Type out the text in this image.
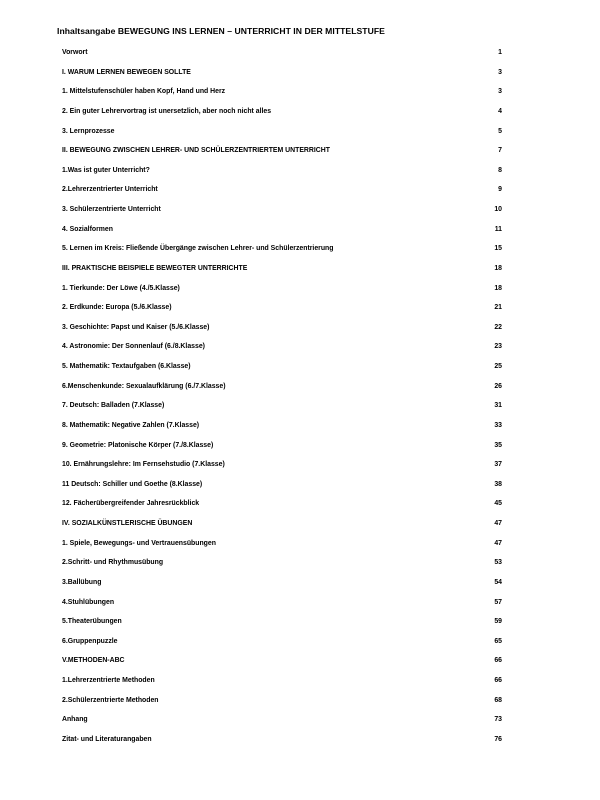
Inhaltsangabe BEWEGUNG INS LERNEN – UNTERRICHT IN DER MITTELSTUFE
Vorwort	1
I. WARUM LERNEN BEWEGEN SOLLTE	3
1. Mittelstufenschüler haben Kopf, Hand und Herz	3
2. Ein guter Lehrervortrag ist unersetzlich, aber noch nicht alles	4
3. Lernprozesse	5
II. BEWEGUNG ZWISCHEN LEHRER- UND SCHÜLERZENTRIERTEM UNTERRICHT	7
1.Was ist guter Unterricht?	8
2.Lehrerzentrierter Unterricht	9
3. Schülerzentrierte Unterricht	10
4. Sozialformen	11
5. Lernen im Kreis: Fließende Übergänge zwischen Lehrer- und Schülerzentrierung	15
III. PRAKTISCHE BEISPIELE BEWEGTER UNTERRICHTE	18
1. Tierkunde: Der Löwe (4./5.Klasse)	18
2. Erdkunde: Europa (5./6.Klasse)	21
3. Geschichte: Papst und Kaiser (5./6.Klasse)	22
4. Astronomie: Der Sonnenlauf (6./8.Klasse)	23
5. Mathematik: Textaufgaben (6.Klasse)	25
6.Menschenkunde: Sexualaufklärung (6./7.Klasse)	26
7. Deutsch: Balladen (7.Klasse)	31
8. Mathematik: Negative Zahlen (7.Klasse)	33
9. Geometrie: Platonische Körper (7./8.Klasse)	35
10. Ernährungslehre: Im Fernsehstudio (7.Klasse)	37
11 Deutsch: Schiller und Goethe (8.Klasse)	38
12. Fächerübergreifender Jahresrückblick	45
IV. SOZIALKÜNSTLERISCHE ÜBUNGEN	47
1. Spiele, Bewegungs- und Vertrauensübungen	47
2.Schritt- und Rhythmusübung	53
3.Ballübung	54
4.Stuhlübungen	57
5.Theaterübungen	59
6.Gruppenpuzzle	65
V.METHODEN-ABC	66
1.Lehrerzentrierte Methoden	66
2.Schülerzentrierte Methoden	68
Anhang	73
Zitat- und Literaturangaben	76
